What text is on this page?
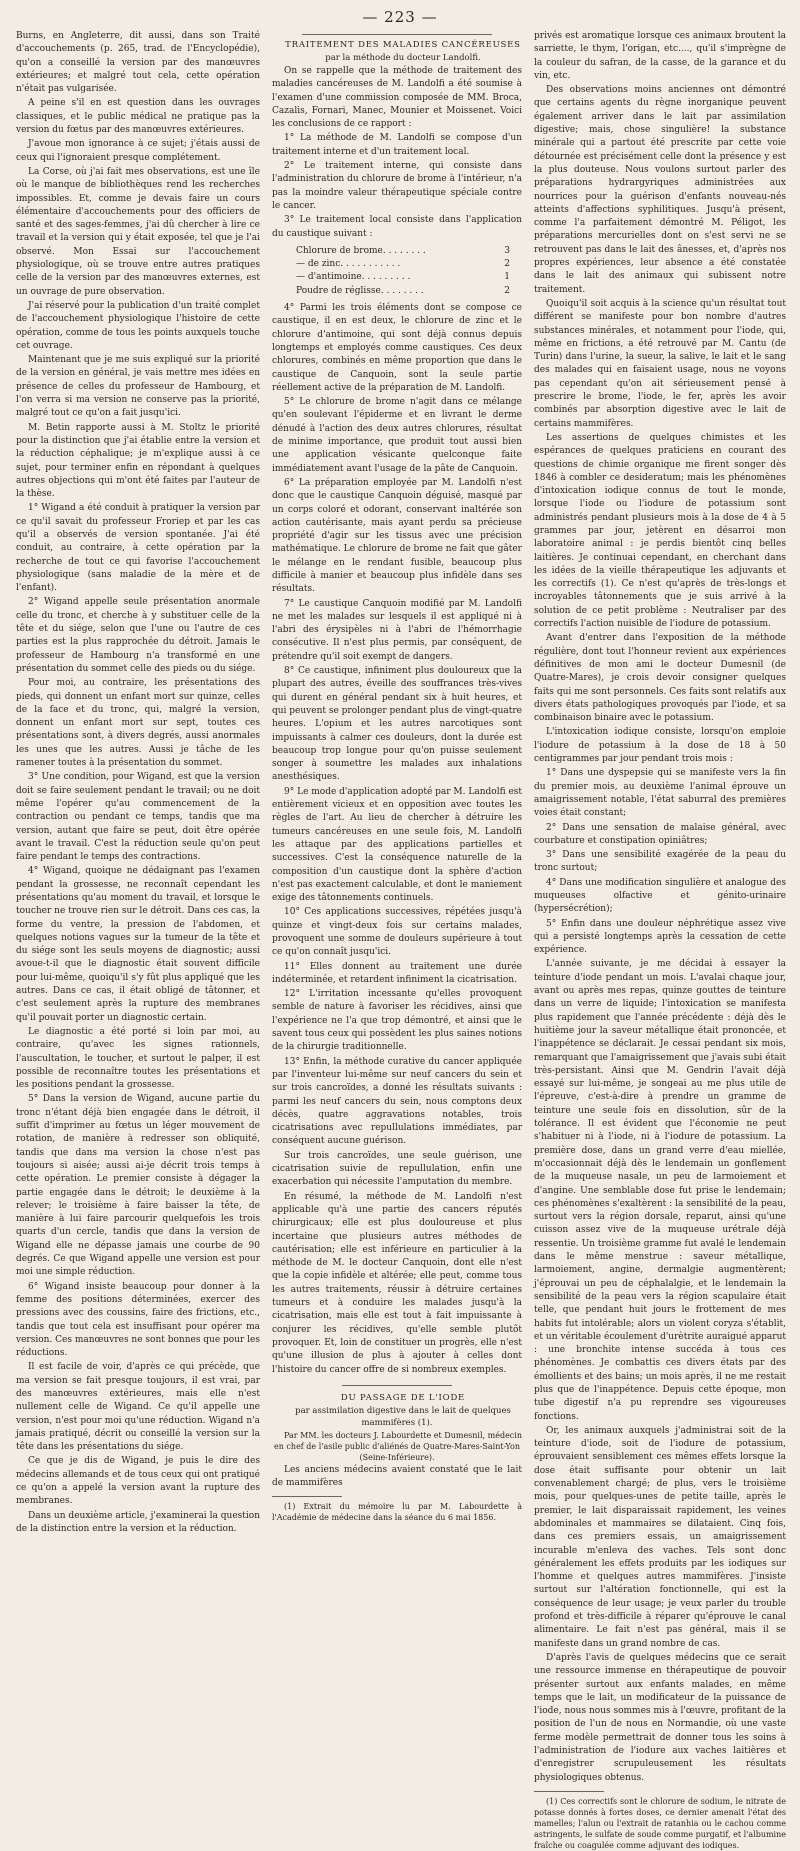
— 223 —

Burns, en Angleterre, dit aussi, dans son Traité d'accouchements (p. 265, trad. de l'Encyclopédie), qu'on a conseillé la version par des manœuvres extérieures; et malgré tout cela, cette opération n'était pas vulgarisée.

A peine s'il en est question dans les ouvrages classiques, et le public médical ne pratique pas la version du fœtus par des manœuvres extérieures.

J'avoue mon ignorance à ce sujet; j'étais aussi de ceux qui l'ignoraient presque complétement.

La Corse, où j'ai fait mes observations, est une île où le manque de bibliothèques rend les recherches impossibles. Et, comme je devais faire un cours élémentaire d'accouchements pour des officiers de santé et des sages-femmes, j'ai dû chercher à lire ce travail et la version qui y était exposée, tel que je l'ai observé. Mon Essai sur l'accouchement physiologique, où se trouve entre autres pratiques celle de la version par des manœuvres externes, est un ouvrage de pure observation.

J'ai réservé pour la publication d'un traité complet de l'accouchement physiologique l'histoire de cette opération, comme de tous les points auxquels touche cet ouvrage.

Maintenant que je me suis expliqué sur la priorité de la version en général, je vais mettre mes idées en présence de celles du professeur de Hambourg, et l'on verra si ma version ne conserve pas la priorité, malgré tout ce qu'on a fait jusqu'ici.

M. Betin rapporte aussi à M. Stoltz le priorité pour la distinction que j'ai établie entre la version et la réduction céphalique; je m'explique aussi à ce sujet, pour terminer enfin en répondant à quelques autres objections qui m'ont été faites par l'auteur de la thèse.

1° Wigand a été conduit à pratiquer la version par ce qu'il savait du professeur Froriep et par les cas qu'il a observés de version spontanée. J'ai été conduit, au contraire, à cette opération par la recherche de tout ce qui favorise l'accouchement physiologique (sans maladie de la mère et de l'enfant).

2° Wigand appelle seule présentation anormale celle du tronc, et cherche à y substituer celle de la tête et du siége, selon que l'une ou l'autre de ces parties est la plus rapprochée du détroit. Jamais le professeur de Hambourg n'a transformé en une présentation du sommet celle des pieds ou du siége.

Pour moi, au contraire, les présentations des pieds, qui donnent un enfant mort sur quinze, celles de la face et du tronc, qui, malgré la version, donnent un enfant mort sur sept, toutes ces présentations sont, à divers degrés, aussi anormales les unes que les autres. Aussi je tâche de les ramener toutes à la présentation du sommet.

3° Une condition, pour Wigand, est que la version doit se faire seulement pendant le travail; ou ne doit même l'opérer qu'au commencement de la contraction ou pendant ce temps, tandis que ma version, autant que faire se peut, doit être opérée avant le travail. C'est la réduction seule qu'on peut faire pendant le temps des contractions.

4° Wigand, quoique ne dédaignant pas l'examen pendant la grossesse, ne reconnaît cependant les présentations qu'au moment du travail, et lorsque le toucher ne trouve rien sur le détroit. Dans ces cas, la forme du ventre, la pression de l'abdomen, et quelques notions vagues sur la tumeur de la tête et du siége sont les seuls moyens de diagnostic; aussi avoue-t-il que le diagnostic était souvent difficile pour lui-même, quoiqu'il s'y fût plus appliqué que les autres. Dans ce cas, il était obligé de tâtonner, et c'est seulement après la rupture des membranes qu'il pouvait porter un diagnostic certain.

Le diagnostic a été porté si loin par moi, au contraire, qu'avec les signes rationnels, l'auscultation, le toucher, et surtout le palper, il est possible de reconnaître toutes les présentations et les positions pendant la grossesse.

5° Dans la version de Wigand, aucune partie du tronc n'étant déjà bien engagée dans le détroit, il suffit d'imprimer au fœtus un léger mouvement de rotation, de manière à redresser son obliquité, tandis que dans ma version la chose n'est pas toujours si aisée; aussi ai-je décrit trois temps à cette opération. Le premier consiste à dégager la partie engagée dans le détroit; le deuxième à la relever; le troisième à faire baisser la tête, de manière à lui faire parcourir quelquefois les trois quarts d'un cercle, tandis que dans la version de Wigand elle ne dépasse jamais une courbe de 90 degrés. Ce que Wigand appelle une version est pour moi une simple réduction.

6° Wigand insiste beaucoup pour donner à la femme des positions déterminées, exercer des pressions avec des coussins, faire des frictions, etc., tandis que tout cela est insuffisant pour opérer ma version. Ces manœuvres ne sont bonnes que pour les réductions.

Il est facile de voir, d'après ce qui précède, que ma version se fait presque toujours, il est vrai, par des manœuvres extérieures, mais elle n'est nullement celle de Wigand. Ce qu'il appelle une version, n'est pour moi qu'une réduction. Wigand n'a jamais pratiqué, décrit ou conseillé la version sur la tête dans les présentations du siége.

Ce que je dis de Wigand, je puis le dire des médecins allemands et de tous ceux qui ont pratiqué ce qu'on a appelé la version avant la rupture des membranes.

Dans un deuxième article, j'examinerai la question de la distinction entre la version et la réduction.

TRAITEMENT DES MALADIES CANCÉREUSES

par la méthode du docteur Landolfi.

On se rappelle que la méthode de traitement des maladies cancéreuses de M. Landolfi a été soumise à l'examen d'une commission composée de MM. Broca, Cazalis, Fornari, Manec, Mounier et Moissenet. Voici les conclusions de ce rapport :

1° La méthode de M. Landolfi se compose d'un traitement interne et d'un traitement local.

2° Le traitement interne, qui consiste dans l'administration du chlorure de brome à l'intérieur, n'a pas la moindre valeur thérapeutique spéciale contre le cancer.

3° Le traitement local consiste dans l'application du caustique suivant :

Chlorure de brome. . . . . . . .	3
— de zinc. . . . . . . . . . .	2
— d'antimoine. . . . . . . . .	1
Poudre de réglisse. . . . . . . .	2

4° Parmi les trois éléments dont se compose ce caustique, il en est deux, le chlorure de zinc et le chlorure d'antimoine, qui sont déjà connus depuis longtemps et employés comme caustiques. Ces deux chlorures, combinés en même proportion que dans le caustique de Canquoin, sont la seule partie réellement active de la préparation de M. Landolfi.

5° Le chlorure de brome n'agit dans ce mélange qu'en soulevant l'épiderme et en livrant le derme dénudé à l'action des deux autres chlorures, résultat de minime importance, que produit tout aussi bien une application vésicante quelconque faite immédiatement avant l'usage de la pâte de Canquoin.

6° La préparation employée par M. Landolfi n'est donc que le caustique Canquoin déguisé, masqué par un corps coloré et odorant, conservant inaltérée son action cautérisante, mais ayant perdu sa précieuse propriété d'agir sur les tissus avec une précision mathématique. Le chlorure de brome ne fait que gâter le mélange en le rendant fusible, beaucoup plus difficile à manier et beaucoup plus infidèle dans ses résultats.

7° Le caustique Canquoin modifié par M. Landolfi ne met les malades sur lesquels il est appliqué ni à l'abri des érysipèles ni à l'abri de l'hémorrhagie consécutive. Il n'est plus permis, par conséquent, de prétendre qu'il soit exempt de dangers.

8° Ce caustique, infiniment plus douloureux que la plupart des autres, éveille des souffrances très-vives qui durent en général pendant six à huit heures, et qui peuvent se prolonger pendant plus de vingt-quatre heures. L'opium et les autres narcotiques sont impuissants à calmer ces douleurs, dont la durée est beaucoup trop longue pour qu'on puisse seulement songer à soumettre les malades aux inhalations anesthésiques.

9° Le mode d'application adopté par M. Landolfi est entièrement vicieux et en opposition avec toutes les règles de l'art. Au lieu de chercher à détruire les tumeurs cancéreuses en une seule fois, M. Landolfi les attaque par des applications partielles et successives. C'est la conséquence naturelle de la composition d'un caustique dont la sphère d'action n'est pas exactement calculable, et dont le maniement exige des tâtonnements continuels.

10° Ces applications successives, répétées jusqu'à quinze et vingt-deux fois sur certains malades, provoquent une somme de douleurs supérieure à tout ce qu'on connaît jusqu'ici.

11° Elles donnent au traitement une durée indéterminée, et retardent infiniment la cicatrisation.

12° L'irritation incessante qu'elles provoquent semble de nature à favoriser les récidives, ainsi que l'expérience ne l'a que trop démontré, et ainsi que le savent tous ceux qui possèdent les plus saines notions de la chirurgie traditionnelle.

13° Enfin, la méthode curative du cancer appliquée par l'inventeur lui-même sur neuf cancers du sein et sur trois cancroïdes, a donné les résultats suivants : parmi les neuf cancers du sein, nous comptons deux décès, quatre aggravations notables, trois cicatrisations avec repullulations immédiates, par conséquent aucune guérison.

Sur trois cancroïdes, une seule guérison, une cicatrisation suivie de repullulation, enfin une exacerbation qui nécessite l'amputation du membre.

En résumé, la méthode de M. Landolfi n'est applicable qu'à une partie des cancers réputés chirurgicaux; elle est plus douloureuse et plus incertaine que plusieurs autres méthodes de cautérisation; elle est inférieure en particulier à la méthode de M. le docteur Canquoin, dont elle n'est que la copie infidèle et altérée; elle peut, comme tous les autres traitements, réussir à détruire certaines tumeurs et à conduire les malades jusqu'à la cicatrisation, mais elle est tout à fait impuissante à conjurer les récidives, qu'elle semble plutôt provoquer. Et, loin de constituer un progrès, elle n'est qu'une illusion de plus à ajouter à celles dont l'histoire du cancer offre de si nombreux exemples.

DU PASSAGE DE L'IODE

par assimilation digestive dans le lait de quelques mammifères (1).

Par MM. les docteurs J. Labourdette et Dumesnil, médecin en chef de l'asile public d'aliénés de Quatre-Mares-Saint-Yon (Seine-Inférieure).

Les anciens médecins avaient constaté que le lait de mammifères

(1) Extrait du mémoire lu par M. Labourdette à l'Académie de médecine dans la séance du 6 mai 1856.

privés est aromatique lorsque ces animaux broutent la sarriette, le thym, l'origan, etc...., qu'il s'imprègne de la couleur du safran, de la casse, de la garance et du vin, etc.

Des observations moins anciennes ont démontré que certains agents du règne inorganique peuvent également arriver dans le lait par assimilation digestive; mais, chose singulière! la substance minérale qui a partout été prescrite par cette voie détournée est précisément celle dont la présence y est la plus douteuse. Nous voulons surtout parler des préparations hydrargyriques administrées aux nourrices pour la guérison d'enfants nouveau-nés atteints d'affections syphilitiques. Jusqu'à présent, comme l'a parfaitement démontré M. Péligot, les préparations mercurielles dont on s'est servi ne se retrouvent pas dans le lait des ânesses, et, d'après nos propres expériences, leur absence a été constatée dans le lait des animaux qui subissent notre traitement.

Quoiqu'il soit acquis à la science qu'un résultat tout différent se manifeste pour bon nombre d'autres substances minérales, et notamment pour l'iode, qui, même en frictions, a été retrouvé par M. Cantu (de Turin) dans l'urine, la sueur, la salive, le lait et le sang des malades qui en faisaient usage, nous ne voyons pas cependant qu'on ait sérieusement pensé à prescrire le brome, l'iode, le fer, après les avoir combinés par absorption digestive avec le lait de certains mammifères.

Les assertions de quelques chimistes et les espérances de quelques praticiens en courant des questions de chimie organique me firent songer dès 1846 à combler ce desideratum; mais les phénomènes d'intoxication iodique connus de tout le monde, lorsque l'iode ou l'iodure de potassium sont administrés pendant plusieurs mois à la dose de 4 à 5 grammes par jour, jetèrent en désarroi mon laboratoire animal : je perdis bientôt cinq belles laitières. Je continuai cependant, en cherchant dans les idées de la vieille thérapeutique les adjuvants et les correctifs (1). Ce n'est qu'après de très-longs et incroyables tâtonnements que je suis arrivé à la solution de ce petit problème : Neutraliser par des correctifs l'action nuisible de l'iodure de potassium.

Avant d'entrer dans l'exposition de la méthode régulière, dont tout l'honneur revient aux expériences définitives de mon ami le docteur Dumesnil (de Quatre-Mares), je crois devoir consigner quelques faits qui me sont personnels. Ces faits sont relatifs aux divers états pathologiques provoqués par l'iode, et sa combinaison binaire avec le potassium.

L'intoxication iodique consiste, lorsqu'on emploie l'iodure de potassium à la dose de 18 à 50 centigrammes par jour pendant trois mois :

1° Dans une dyspepsie qui se manifeste vers la fin du premier mois, au deuxième l'animal éprouve un amaigrissement notable, l'état saburral des premières voies était constant;

2° Dans une sensation de malaise général, avec courbature et constipation opiniâtres;

3° Dans une sensibilité exagérée de la peau du tronc surtout;

4° Dans une modification singulière et analogue des muqueuses olfactive et génito-urinaire (hypersécrétion);

5° Enfin dans une douleur néphrétique assez vive qui a persisté longtemps après la cessation de cette expérience.

L'année suivante, je me décidai à essayer la teinture d'iode pendant un mois. L'avalai chaque jour, avant ou après mes repas, quinze gouttes de teinture dans un verre de liquide; l'intoxication se manifesta plus rapidement que l'année précédente : déjà dès le huitième jour la saveur métallique était prononcée, et l'inappétence se déclarait. Je cessai pendant six mois, remarquant que l'amaigrissement que j'avais subi était très-persistant. Ainsi que M. Gendrin l'avait déjà essayé sur lui-même, je songeai au me plus utile de l'épreuve, c'est-à-dire à prendre un gramme de teinture une seule fois en dissolution, sûr de la tolérance. Il est évident que l'économie ne peut s'habituer ni à l'iode, ni à l'iodure de potassium. La première dose, dans un grand verre d'eau miellée, m'occasionnait déjà dès le lendemain un gonflement de la muqueuse nasale, un peu de larmoiement et d'angine. Une semblable dose fut prise le lendemain; ces phénomènes s'exaltèrent : la sensibilité de la peau, surtout vers la région dorsale, reparut, ainsi qu'une cuisson assez vive de la muqueuse urétrale déjà ressentie. Un troisième gramme fut avalé le lendemain dans le même menstrue : saveur métallique, larmoiement, angine, dermalgie augmentèrent; j'éprouvai un peu de céphalalgie, et le lendemain la sensibilité de la peau vers la région scapulaire était telle, que pendant huit jours le frottement de mes habits fut intolérable; alors un violent coryza s'établit, et un véritable écoulement d'urètrite auraigué apparut : une bronchite intense succéda à tous ces phénomènes. Je combattis ces divers états par des émollients et des bains; un mois après, il ne me restait plus que de l'inappétence. Depuis cette époque, mon tube digestif n'a pu reprendre ses vigoureuses fonctions.

Or, les animaux auxquels j'administrai soit de la teinture d'iode, soit de l'iodure de potassium, éprouvaient sensiblement ces mêmes effets lorsque la dose était suffisante pour obtenir un lait convenablement chargé; de plus, vers le troisième mois, pour quelques-unes de petite taille, après le premier, le lait disparaissait rapidement, les veines abdominales et mammaires se dilataient. Cinq fois, dans ces premiers essais, un amaigrissement incurable m'enleva des vaches. Tels sont donc généralement les effets produits par les iodiques sur l'homme et quelques autres mammifères. J'insiste surtout sur l'altération fonctionnelle, qui est la conséquence de leur usage; je veux parler du trouble profond et très-difficile à réparer qu'éprouve le canal alimentaire. Le fait n'est pas général, mais il se manifeste dans un grand nombre de cas.

D'après l'avis de quelques médecins que ce serait une ressource immense en thérapeutique de pouvoir présenter surtout aux enfants malades, en même temps que le lait, un modificateur de la puissance de l'iode, nous nous sommes mis à l'œuvre, profitant de la position de l'un de nous en Normandie, où une vaste ferme modèle permettrait de donner tous les soins à l'administration de l'iodure aux vaches laitières et d'enregistrer scrupuleusement les résultats physiologiques obtenus.

(1) Ces correctifs sont le chlorure de sodium, le nitrate de potasse donnés à fortes doses, ce dernier amenait l'état des mamelles; l'alun ou l'extrait de ratanhia ou le cachou comme astringents, le sulfate de soude comme purgatif, et l'albumine fraîche ou coagulée comme adjuvant des iodiques.
